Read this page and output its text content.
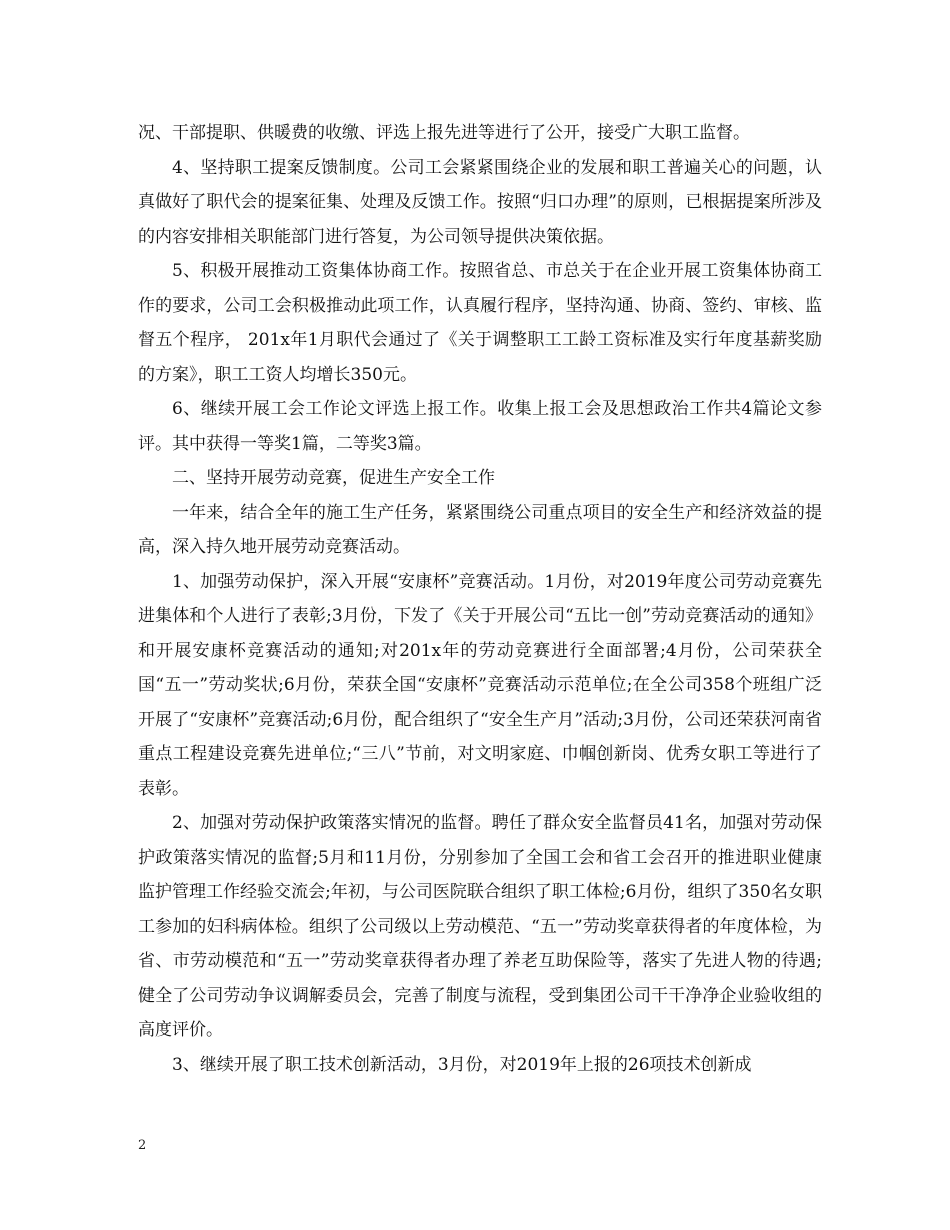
况、干部提职、供暖费的收缴、评选上报先进等进行了公开，接受广大职工监督。

4、坚持职工提案反馈制度。公司工会紧紧围绕企业的发展和职工普遍关心的问题，认真做好了职代会的提案征集、处理及反馈工作。按照“归口办理”的原则，已根据提案所涉及的内容安排相关职能部门进行答复，为公司领导提供决策依据。

5、积极开展推动工资集体协商工作。按照省总、市总关于在企业开展工资集体协商工作的要求，公司工会积极推动此项工作，认真履行程序，坚持沟通、协商、签约、审核、监督五个程序， 201x年1月职代会通过了《关于调整职工工龄工资标准及实行年度基薪奖励的方案》，职工工资人均增长350元。

6、继续开展工会工作论文评选上报工作。收集上报工会及思想政治工作共4篇论文参评。其中获得一等奖1篇，二等奖3篇。

二、坚持开展劳动竞赛，促进生产安全工作

一年来，结合全年的施工生产任务，紧紧围绕公司重点项目的安全生产和经济效益的提高，深入持久地开展劳动竞赛活动。

1、加强劳动保护，深入开展“安康杯”竞赛活动。1月份，对2019年度公司劳动竞赛先进集体和个人进行了表彰;3月份，下发了《关于开展公司“五比一创”劳动竞赛活动的通知》和开展安康杯竞赛活动的通知;对201x年的劳动竞赛进行全面部署;4月份，公司荣获全国“五一”劳动奖状;6月份，荣获全国“安康杯”竞赛活动示范单位;在全公司358个班组广泛开展了“安康杯”竞赛活动;6月份，配合组织了“安全生产月”活动;3月份，公司还荣获河南省重点工程建设竞赛先进单位;“三八”节前，对文明家庭、巾帼创新岗、优秀女职工等进行了表彰。

2、加强对劳动保护政策落实情况的监督。聘任了群众安全监督员41名，加强对劳动保护政策落实情况的监督;5月和11月份，分别参加了全国工会和省工会召开的推进职业健康监护管理工作经验交流会;年初，与公司医院联合组织了职工体检;6月份，组织了350名女职工参加的妇科病体检。组织了公司级以上劳动模范、“五一”劳动奖章获得者的年度体检，为省、市劳动模范和“五一”劳动奖章获得者办理了养老互助保险等，落实了先进人物的待遇;健全了公司劳动争议调解委员会，完善了制度与流程，受到集团公司干干净净企业验收组的高度评价。

3、继续开展了职工技术创新活动，3月份，对2019年上报的26项技术创新成

2
